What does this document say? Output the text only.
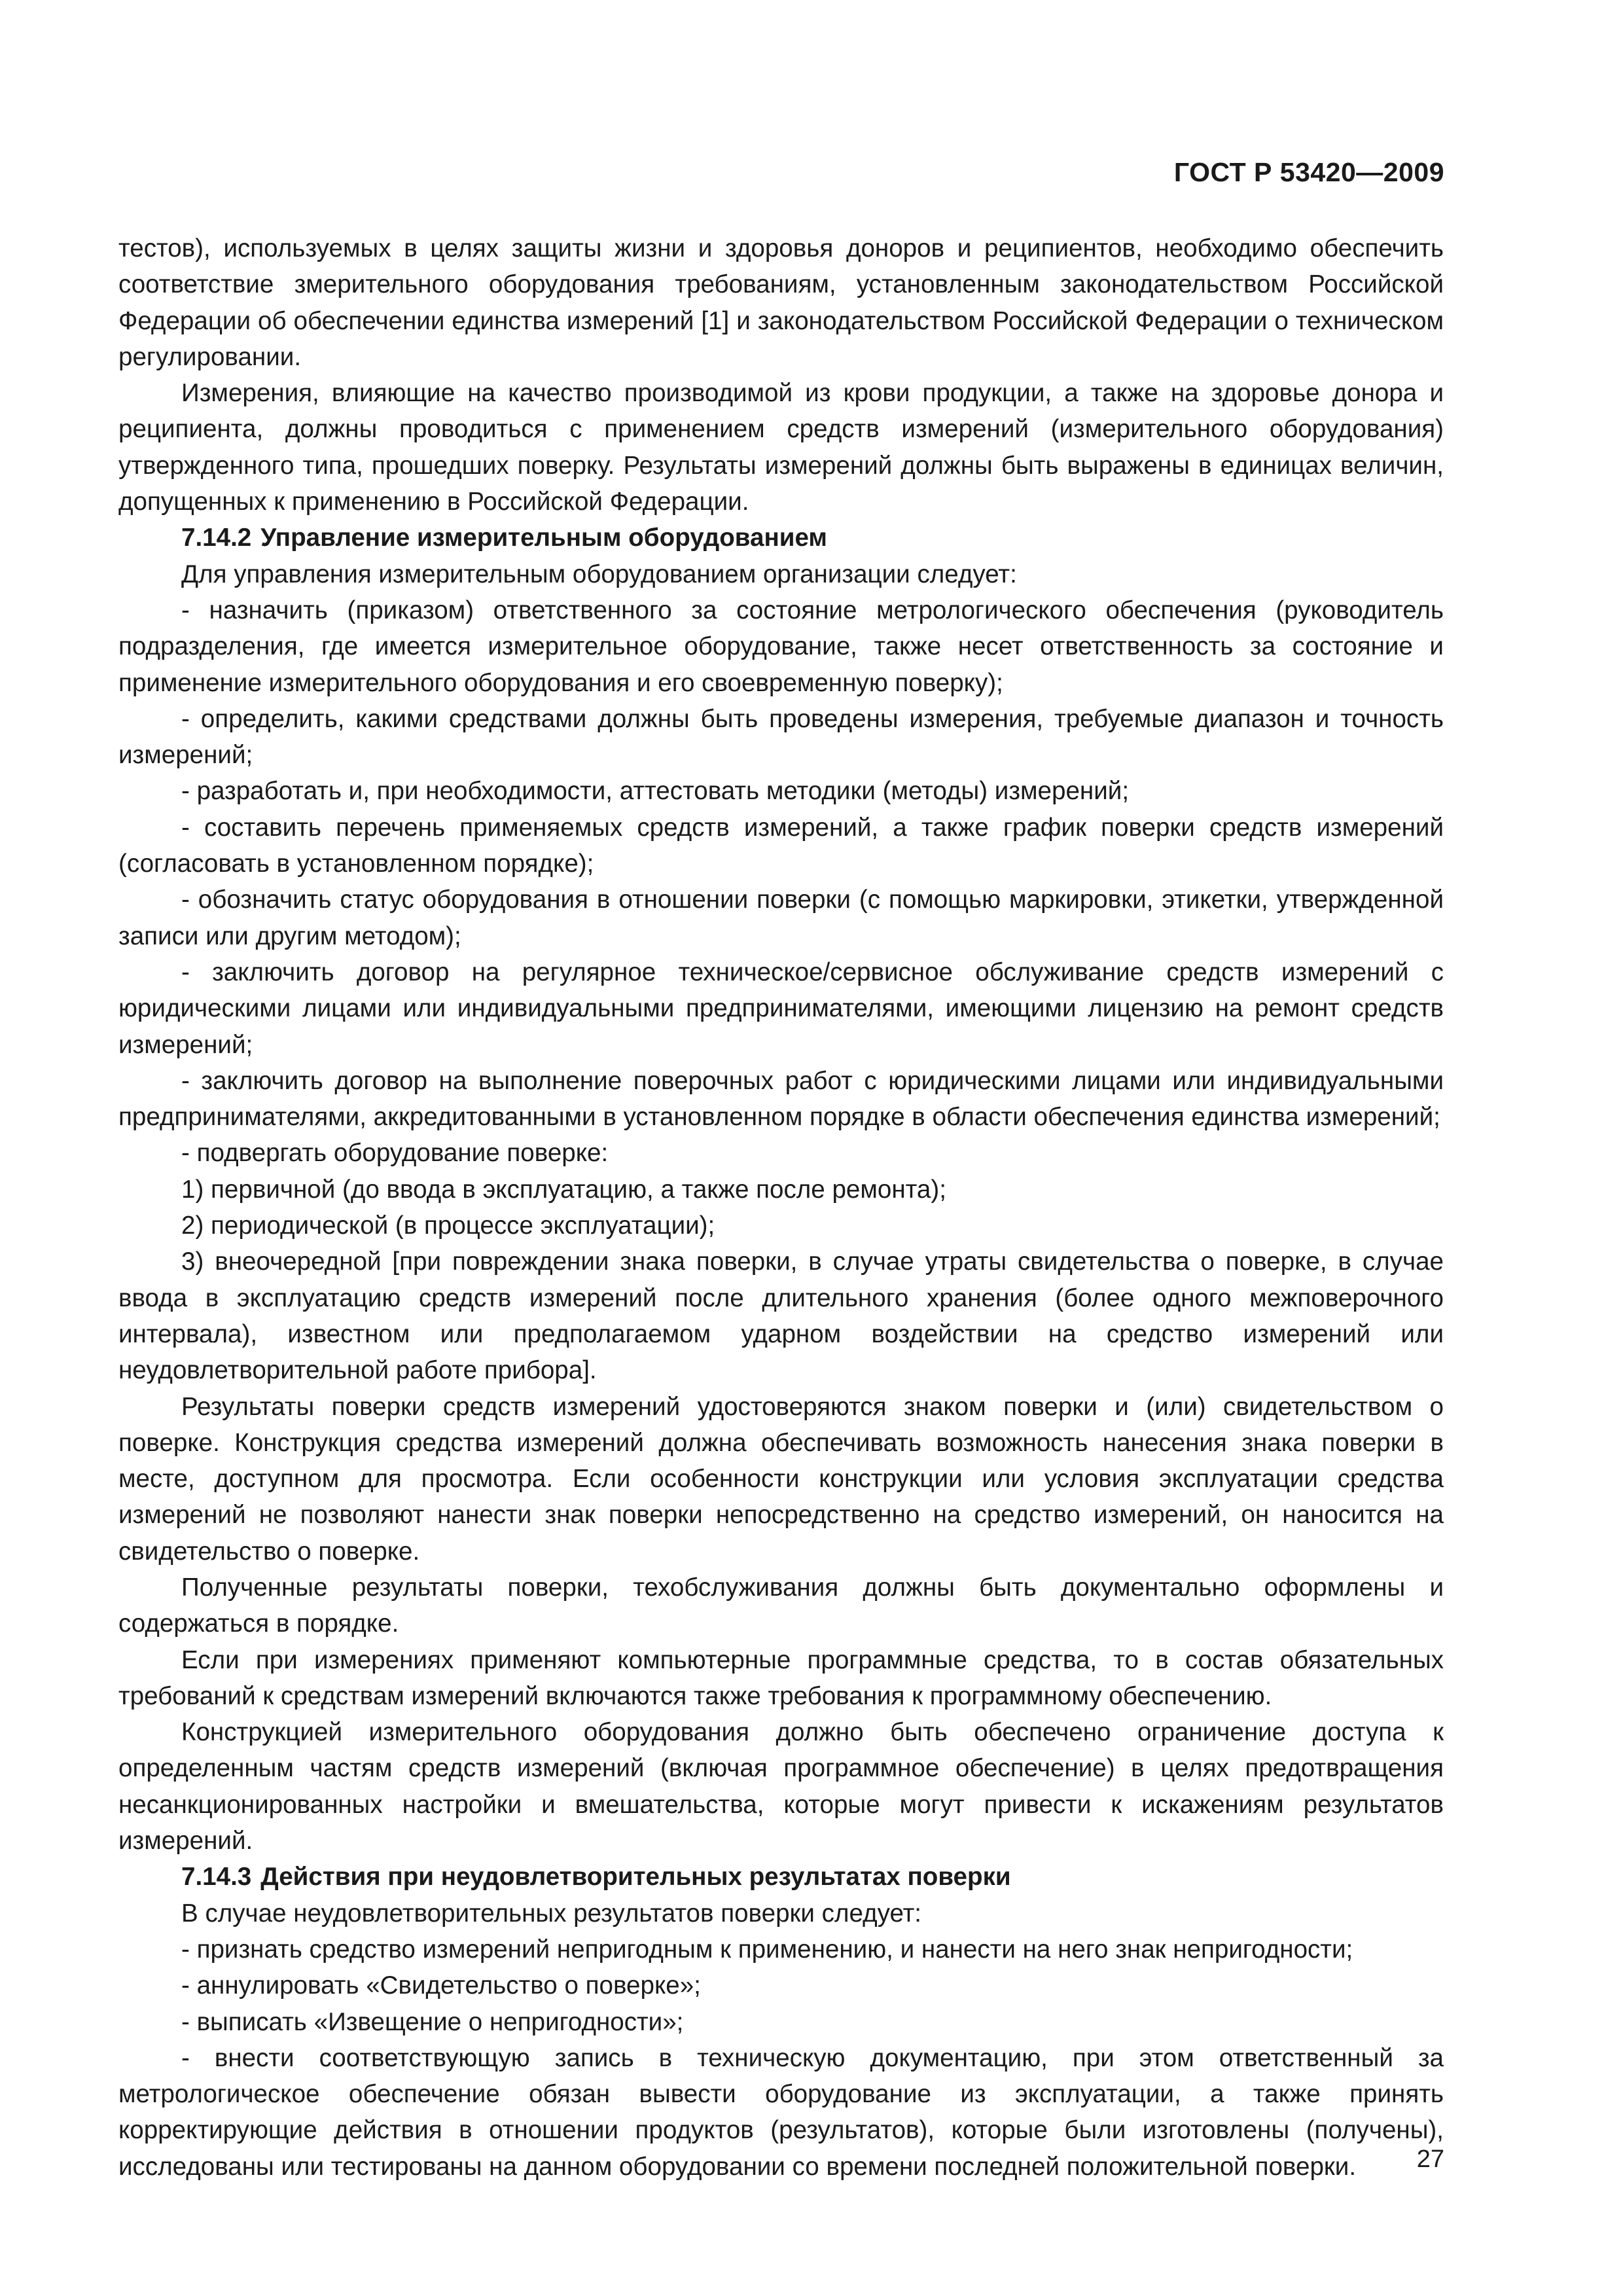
ГОСТ Р 53420—2009

тестов), используемых в целях защиты жизни и здоровья доноров и реципиентов, необходимо обеспечить соответствие змерительного оборудования требованиям, установленным законодательством Российской Федерации об обеспечении единства измерений [1] и законодательством Российской Федерации о техническом регулировании.

Измерения, влияющие на качество производимой из крови продукции, а также на здоровье донора и реципиента, должны проводиться с применением средств измерений (измерительного оборудования) утвержденного типа, прошедших поверку. Результаты измерений должны быть выражены в единицах величин, допущенных к применению в Российской Федерации.

7.14.2 Управление измерительным оборудованием

Для управления измерительным оборудованием организации следует:

- назначить (приказом) ответственного за состояние метрологического обеспечения (руководитель подразделения, где имеется измерительное оборудование, также несет ответственность за состояние и применение измерительного оборудования и его своевременную поверку);

- определить, какими средствами должны быть проведены измерения, требуемые диапазон и точность измерений;

- разработать и, при необходимости, аттестовать методики (методы) измерений;

- составить перечень применяемых средств измерений, а также график поверки средств измерений (согласовать в установленном порядке);

- обозначить статус оборудования в отношении поверки (с помощью маркировки, этикетки, утвержденной записи или другим методом);

- заключить договор на регулярное техническое/сервисное обслуживание средств измерений с юридическими лицами или индивидуальными предпринимателями, имеющими лицензию на ремонт средств измерений;

- заключить договор на выполнение поверочных работ с юридическими лицами или индивидуальными предпринимателями, аккредитованными в установленном порядке в области обеспечения единства измерений;

- подвергать оборудование поверке:

1) первичной (до ввода в эксплуатацию, а также после ремонта);

2) периодической (в процессе эксплуатации);

3) внеочередной [при повреждении знака поверки, в случае утраты свидетельства о поверке, в случае ввода в эксплуатацию средств измерений после длительного хранения (более одного межповерочного интервала), известном или предполагаемом ударном воздействии на средство измерений или неудовлетворительной работе прибора].

Результаты поверки средств измерений удостоверяются знаком поверки и (или) свидетельством о поверке. Конструкция средства измерений должна обеспечивать возможность нанесения знака поверки в месте, доступном для просмотра. Если особенности конструкции или условия эксплуатации средства измерений не позволяют нанести знак поверки непосредственно на средство измерений, он наносится на свидетельство о поверке.

Полученные результаты поверки, техобслуживания должны быть документально оформлены и содержаться в порядке.

Если при измерениях применяют компьютерные программные средства, то в состав обязательных требований к средствам измерений включаются также требования к программному обеспечению.

Конструкцией измерительного оборудования должно быть обеспечено ограничение доступа к определенным частям средств измерений (включая программное обеспечение) в целях предотвращения несанкционированных настройки и вмешательства, которые могут привести к искажениям результатов измерений.

7.14.3 Действия при неудовлетворительных результатах поверки

В случае неудовлетворительных результатов поверки следует:

- признать средство измерений непригодным к применению, и нанести на него знак непригодности;

- аннулировать «Свидетельство о поверке»;

- выписать «Извещение о непригодности»;

- внести соответствующую запись в техническую документацию, при этом ответственный за метрологическое обеспечение обязан вывести оборудование из эксплуатации, а также принять корректирующие действия в отношении продуктов (результатов), которые были изготовлены (получены), исследованы или тестированы на данном оборудовании со времени последней положительной поверки.	27
